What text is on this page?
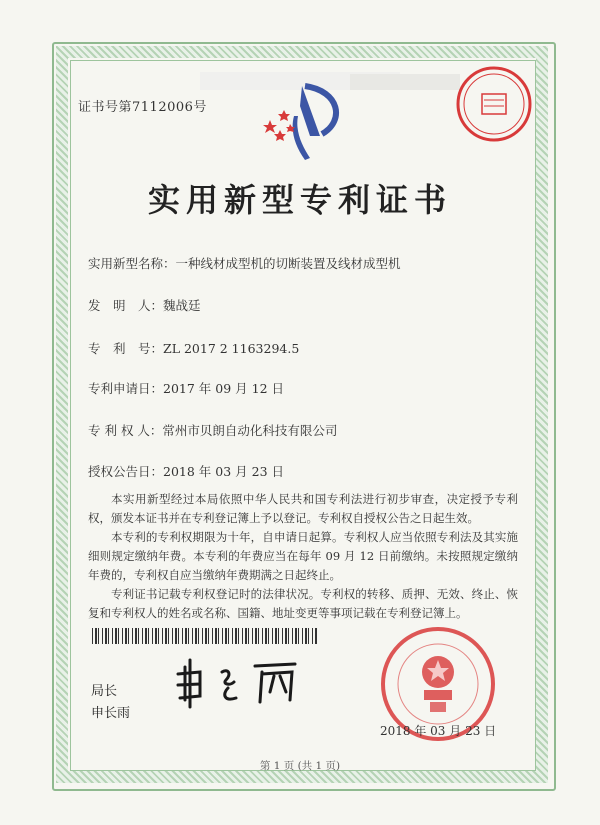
证书号第7112006号
实用新型专利证书
实用新型名称：一种线材成型机的切断装置及线材成型机
发　明　人：魏战廷
专　利　号：ZL 2017 2 1163294.5
专利申请日：2017 年 09 月 12 日
专 利 权 人：常州市贝朗自动化科技有限公司
授权公告日：2018 年 03 月 23 日

本实用新型经过本局依照中华人民共和国专利法进行初步审查，决定授予专利权，颁发本证书并在专利登记簿上予以登记。专利权自授权公告之日起生效。

本专利的专利权期限为十年，自申请日起算。专利权人应当依照专利法及其实施细则规定缴纳年费。本专利的年费应当在每年 09 月 12 日前缴纳。未按照规定缴纳年费的，专利权自应当缴纳年费期满之日起终止。

专利证书记载专利权登记时的法律状况。专利权的转移、质押、无效、终止、恢复和专利权人的姓名或名称、国籍、地址变更等事项记载在专利登记簿上。

局长
申长雨
2018 年 03 月 23 日
第 1 页 (共 1 页)
